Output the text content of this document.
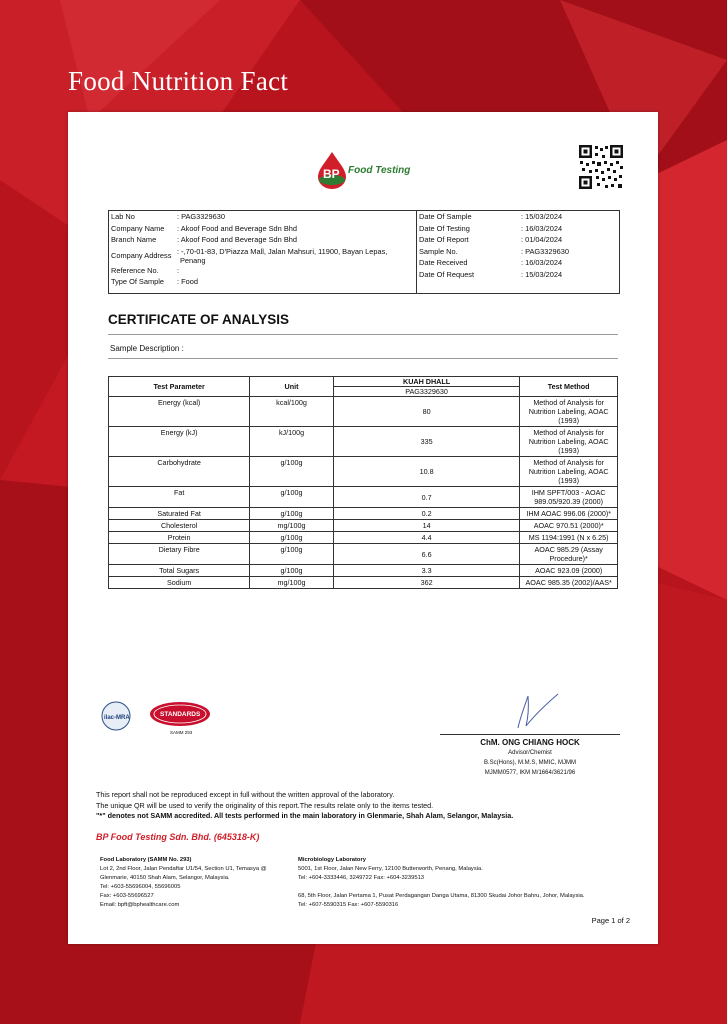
Food Nutrition Fact
BP Food Testing
Lab No	: PAG3329630
Company Name : Akoof Food and Beverage Sdn Bhd
Branch Name	: Akoof Food and Beverage Sdn Bhd
Company Address : -,70-01-83, D'Piazza Mall, Jalan Mahsuri, 11900, Bayan Lepas,
Penang
Reference No. :
Type Of Sample : Food
Date Of Sample	: 15/03/2024
Date Of Testing	: 16/03/2024
Date Of Report	: 01/04/2024
Sample No.	: PAG3329630
Date Received	: 16/03/2024
Date Of Request	: 15/03/2024
CERTIFICATE OF ANALYSIS
Sample Description :
Test Parameter	Unit	KUAH DHALL	Test Method
		PAG3329630	
Energy (kcal)	kcal/100g	80	Method of Analysis for Nutrition Labeling, AOAC (1993)
Energy (kJ)	kJ/100g	335	Method of Analysis for Nutrition Labeling, AOAC (1993)
Carbohydrate	g/100g	10.8	Method of Analysis for Nutrition Labeling, AOAC (1993)
Fat	g/100g	0.7	IHM SPFT/003 - AOAC 989.05/920.39 (2000)
Saturated Fat	g/100g	0.2	IHM AOAC 996.06 (2000)*
Cholesterol	mg/100g	14	AOAC 970.51 (2000)*
Protein	g/100g	4.4	MS 1194:1991 (N x 6.25)
Dietary Fibre	g/100g	6.6	AOAC 985.29 (Assay Procedure)*
Total Sugars	g/100g	3.3	AOAC 923.09 (2000)
Sodium	mg/100g	362	AOAC 985.35 (2002)/AAS*
ilac-MRA	STANDARDS
SAMM 293
ChM. ONG CHIANG HOCK
Advisor/Chemist
B.Sc(Hons), M.M.S, MMIC, MJMM
MJMM0577, IKM M/1664/3621/96
This report shall not be reproduced except in full without the written approval of the laboratory.
The unique QR will be used to verify the originality of this report.The results relate only to the items tested.
"*" denotes not SAMM accredited. All tests performed in the main laboratory in Glenmarie, Shah Alam, Selangor, Malaysia.
BP Food Testing Sdn. Bhd. (645318-K)
Food Laboratory (SAMM No. 293)
Lot 2, 2nd Floor, Jalan Pendaftar U1/54, Section U1, Temasya @
Glenmarie, 40150 Shah Alam, Selangor, Malaysia.
Tel: +603-55696004, 55696005
Fax: +603-55696527
Email: bpft@bphealthcare.com
Microbiology Laboratory
5001, 1st Floor, Jalan New Ferry, 12100 Butterworth, Penang, Malaysia.
Tel: +604-3333446, 3249722 Fax: +604-3239513
68, 5th Floor, Jalan Pertama 1, Pusat Perdagangan Danga Utama, 81300 Skudai Johor Bahru, Johor, Malaysia.
Tel: +607-5590315 Fax: +607-5590316
Page 1 of 2
